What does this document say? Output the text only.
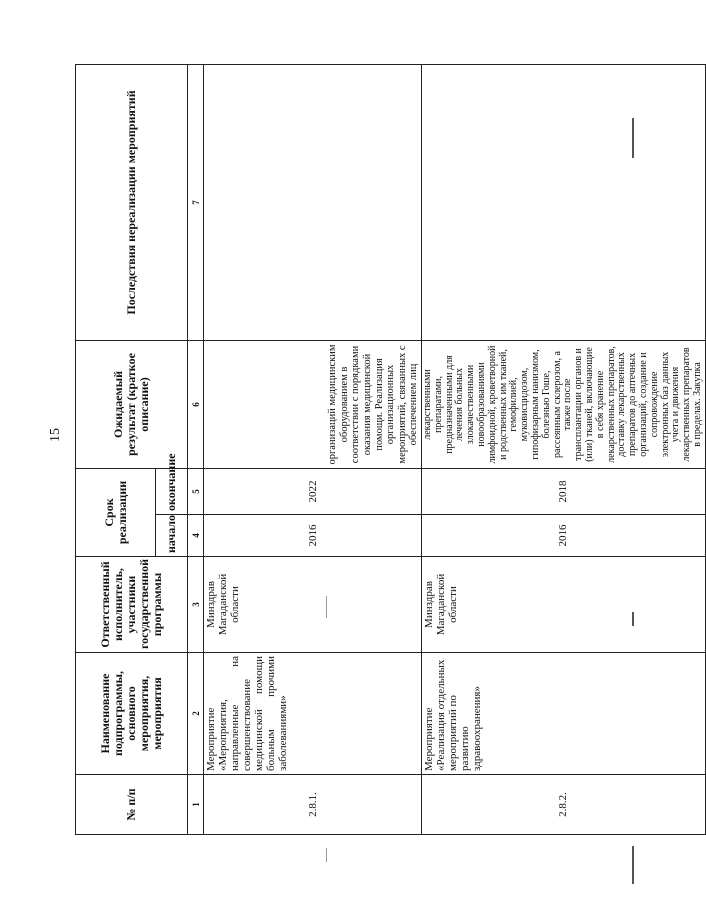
15
№ п/п	Наименование подпрограммы, основного мероприятия, мероприятия	Ответственный исполнитель, участники государственной программы	Срок реализации		Ожидаемый результат (краткое описание)	Последствия нереализации мероприятий
			начало	окончание		
1	2	3	4	5	6	7
2.8.1.	Мероприятие «Мероприятия, направленные на совершенствование медицинской помощи больным прочими заболеваниями»	Минздрав Магаданской области	2016	2022	организаций медицинским оборудованием в соответствии с порядками оказания медицинской помощи. Реализация организационных мероприятий, связанных с обеспечением лиц	
2.8.2.	Мероприятие «Реализация отдельных мероприятий по развитию здравоохранения»	Минздрав Магаданской области	2016	2018	лекарственными препаратами, предназначенными для лечения больных злокачественными новообразованиями лимфоидной, кроветворной и родственных им тканей, гемофилией, муковисцидозом, гипофизарным нанизмом, болезнью Гоше, рассеянным склерозом, а также после трансплантации органов и (или) тканей, включающие в себя хранение лекарственных препаратов, доставку лекарственных препаратов до аптечных организаций, создание и сопровождение электронных баз данных учета и движения лекарственных препаратов в пределах. Закупка	
